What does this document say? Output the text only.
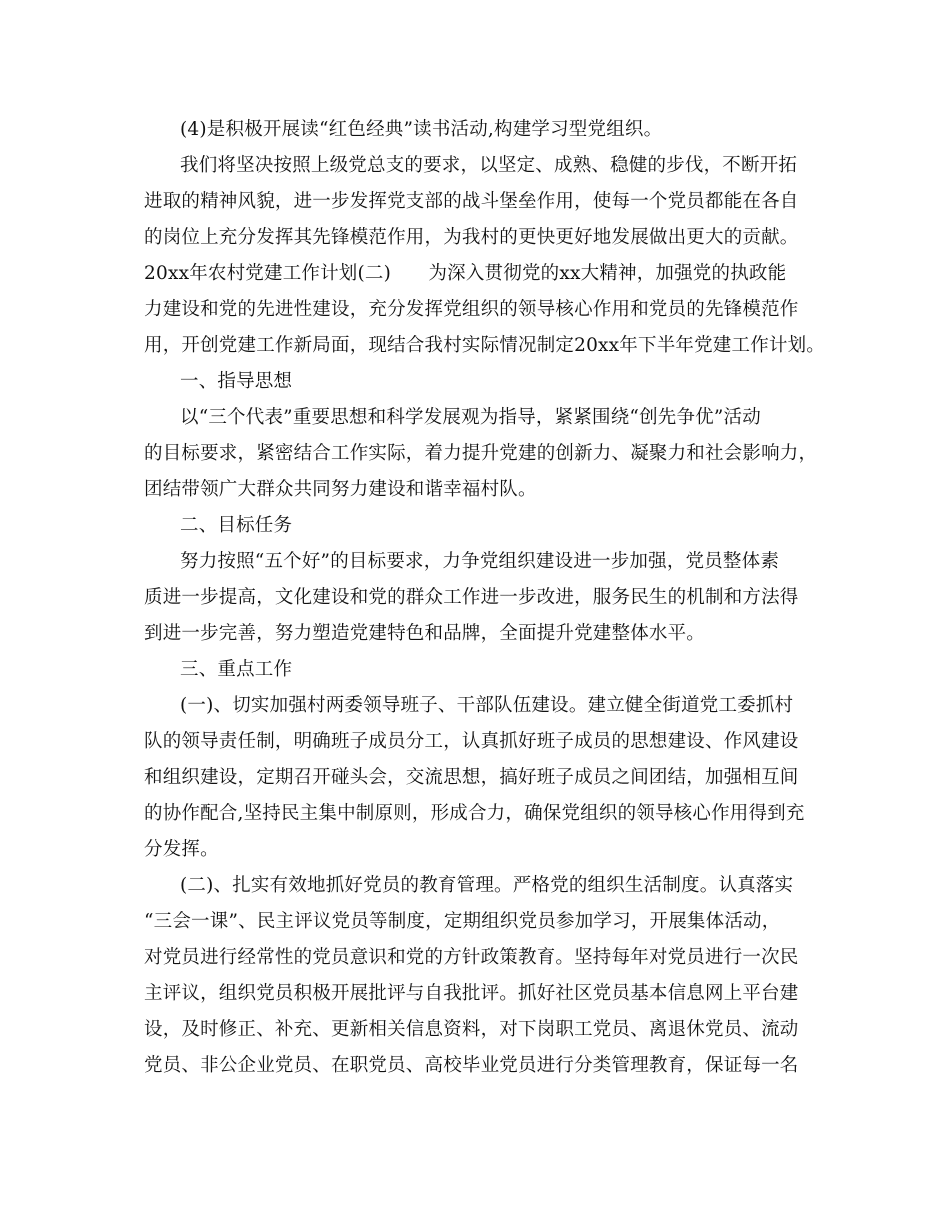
(4)是积极开展读“红色经典”读书活动,构建学习型党组织。
我们将坚决按照上级党总支的要求，以坚定、成熟、稳健的步伐，不断开拓
进取的精神风貌，进一步发挥党支部的战斗堡垒作用，使每一个党员都能在各自
的岗位上充分发挥其先锋模范作用，为我村的更快更好地发展做出更大的贡献。
20xx年农村党建工作计划(二)　　为深入贯彻党的xx大精神，加强党的执政能
力建设和党的先进性建设，充分发挥党组织的领导核心作用和党员的先锋模范作
用，开创党建工作新局面，现结合我村实际情况制定20xx年下半年党建工作计划。
一、指导思想
以“三个代表”重要思想和科学发展观为指导，紧紧围绕“创先争优”活动
的目标要求，紧密结合工作实际，着力提升党建的创新力、凝聚力和社会影响力，
团结带领广大群众共同努力建设和谐幸福村队。
二、目标任务
努力按照“五个好”的目标要求，力争党组织建设进一步加强，党员整体素
质进一步提高，文化建设和党的群众工作进一步改进，服务民生的机制和方法得
到进一步完善，努力塑造党建特色和品牌，全面提升党建整体水平。
三、重点工作
(一)、切实加强村两委领导班子、干部队伍建设。建立健全街道党工委抓村
队的领导责任制，明确班子成员分工，认真抓好班子成员的思想建设、作风建设
和组织建设，定期召开碰头会，交流思想，搞好班子成员之间团结，加强相互间
的协作配合,坚持民主集中制原则，形成合力，确保党组织的领导核心作用得到充
分发挥。
(二)、扎实有效地抓好党员的教育管理。严格党的组织生活制度。认真落实
“三会一课”、民主评议党员等制度，定期组织党员参加学习，开展集体活动，
对党员进行经常性的党员意识和党的方针政策教育。坚持每年对党员进行一次民
主评议，组织党员积极开展批评与自我批评。抓好社区党员基本信息网上平台建
设，及时修正、补充、更新相关信息资料，对下岗职工党员、离退休党员、流动
党员、非公企业党员、在职党员、高校毕业党员进行分类管理教育，保证每一名
